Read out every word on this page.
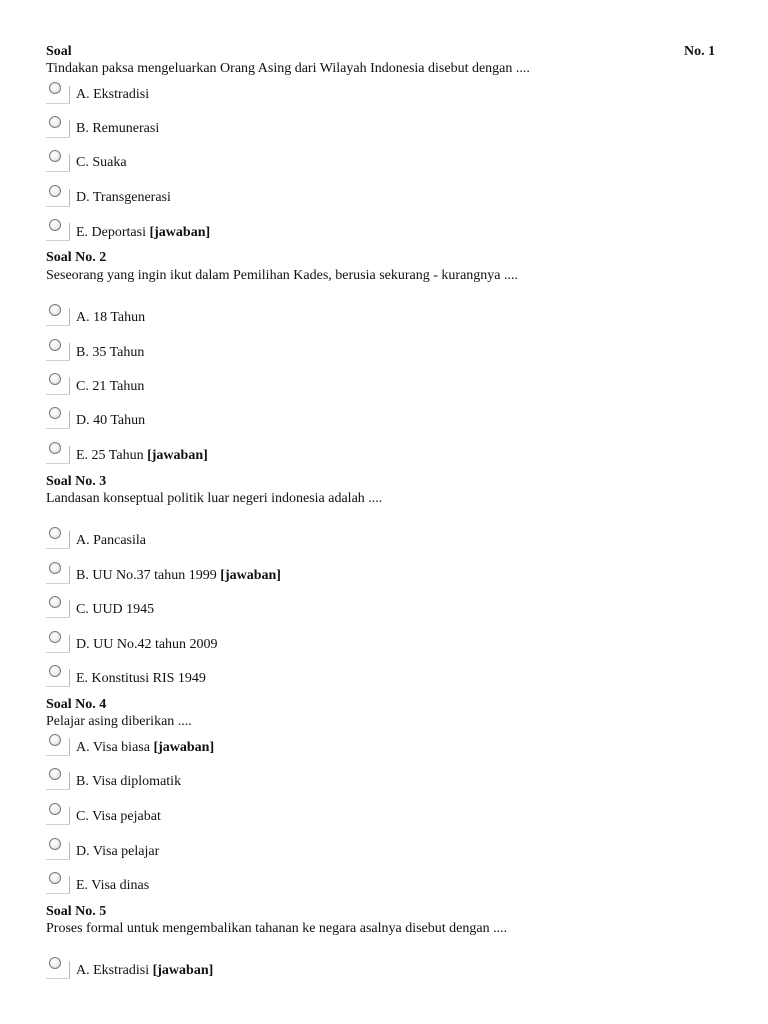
Soal	No. 1
Tindakan paksa mengeluarkan Orang Asing dari Wilayah Indonesia disebut dengan ....
A. Ekstradisi
B. Remunerasi
C. Suaka
D. Transgenerasi
E. Deportasi [jawaban]
Soal No. 2
Seseorang yang ingin ikut dalam Pemilihan Kades, berusia sekurang - kurangnya ....
A. 18 Tahun
B. 35 Tahun
C. 21 Tahun
D. 40 Tahun
E. 25 Tahun [jawaban]
Soal No. 3
Landasan konseptual politik luar negeri indonesia adalah ....
A. Pancasila
B. UU No.37 tahun 1999 [jawaban]
C. UUD 1945
D. UU No.42 tahun 2009
E. Konstitusi RIS 1949
Soal No. 4
Pelajar asing diberikan ....
A. Visa biasa [jawaban]
B. Visa diplomatik
C. Visa pejabat
D. Visa pelajar
E. Visa dinas
Soal No. 5
Proses formal untuk mengembalikan tahanan ke negara asalnya disebut dengan ....
A. Ekstradisi [jawaban]
